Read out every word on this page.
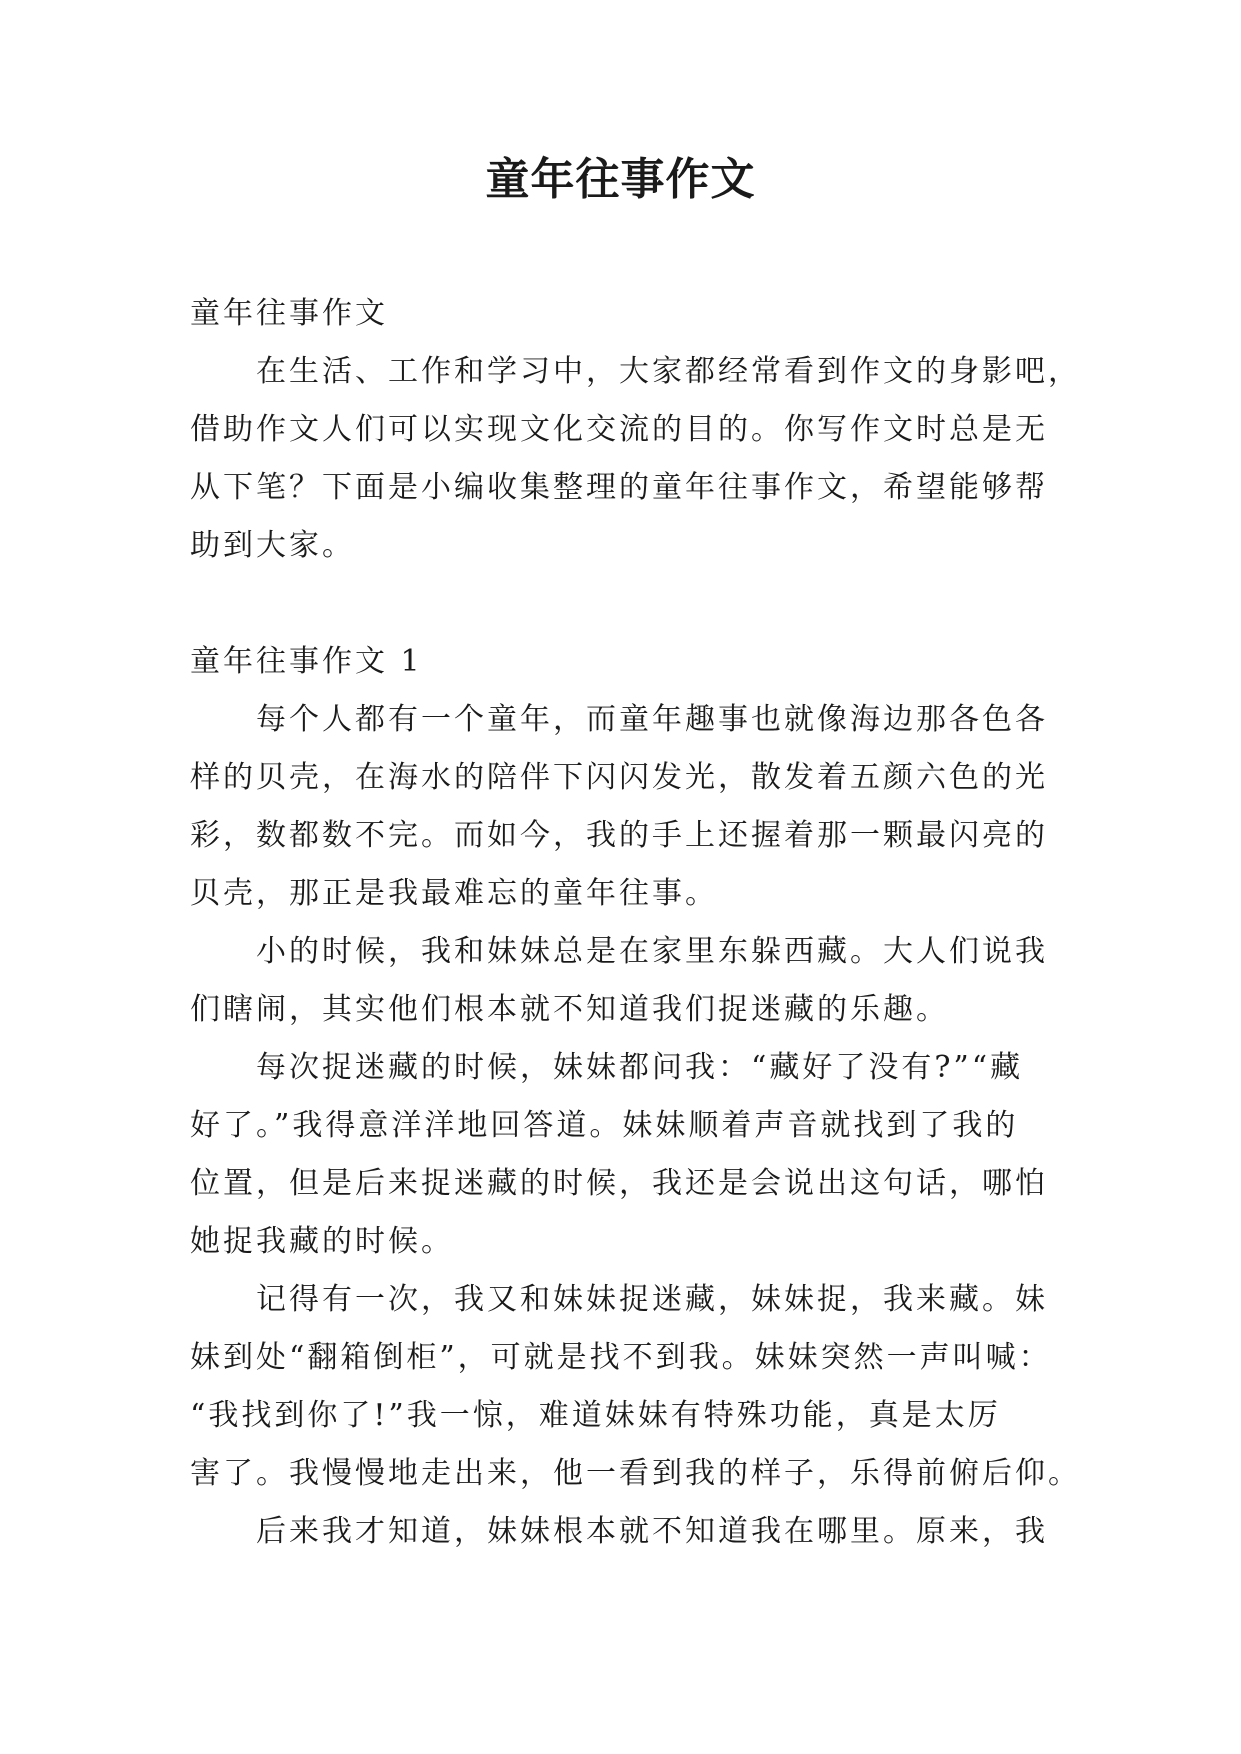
童年往事作文
童年往事作文
在生活、工作和学习中，大家都经常看到作文的身影吧，
借助作文人们可以实现文化交流的目的。你写作文时总是无
从下笔？下面是小编收集整理的童年往事作文，希望能够帮
助到大家。
童年往事作文 1
每个人都有一个童年，而童年趣事也就像海边那各色各
样的贝壳，在海水的陪伴下闪闪发光，散发着五颜六色的光
彩，数都数不完。而如今，我的手上还握着那一颗最闪亮的
贝壳，那正是我最难忘的童年往事。
小的时候，我和妹妹总是在家里东躲西藏。大人们说我
们瞎闹，其实他们根本就不知道我们捉迷藏的乐趣。
每次捉迷藏的时候，妹妹都问我：“藏好了没有?”“藏
好了。”我得意洋洋地回答道。妹妹顺着声音就找到了我的
位置，但是后来捉迷藏的时候，我还是会说出这句话，哪怕
她捉我藏的时候。
记得有一次，我又和妹妹捉迷藏，妹妹捉，我来藏。妹
妹到处“翻箱倒柜”，可就是找不到我。妹妹突然一声叫喊：
“我找到你了!”我一惊，难道妹妹有特殊功能，真是太厉
害了。我慢慢地走出来，他一看到我的样子，乐得前俯后仰。
后来我才知道，妹妹根本就不知道我在哪里。原来，我
